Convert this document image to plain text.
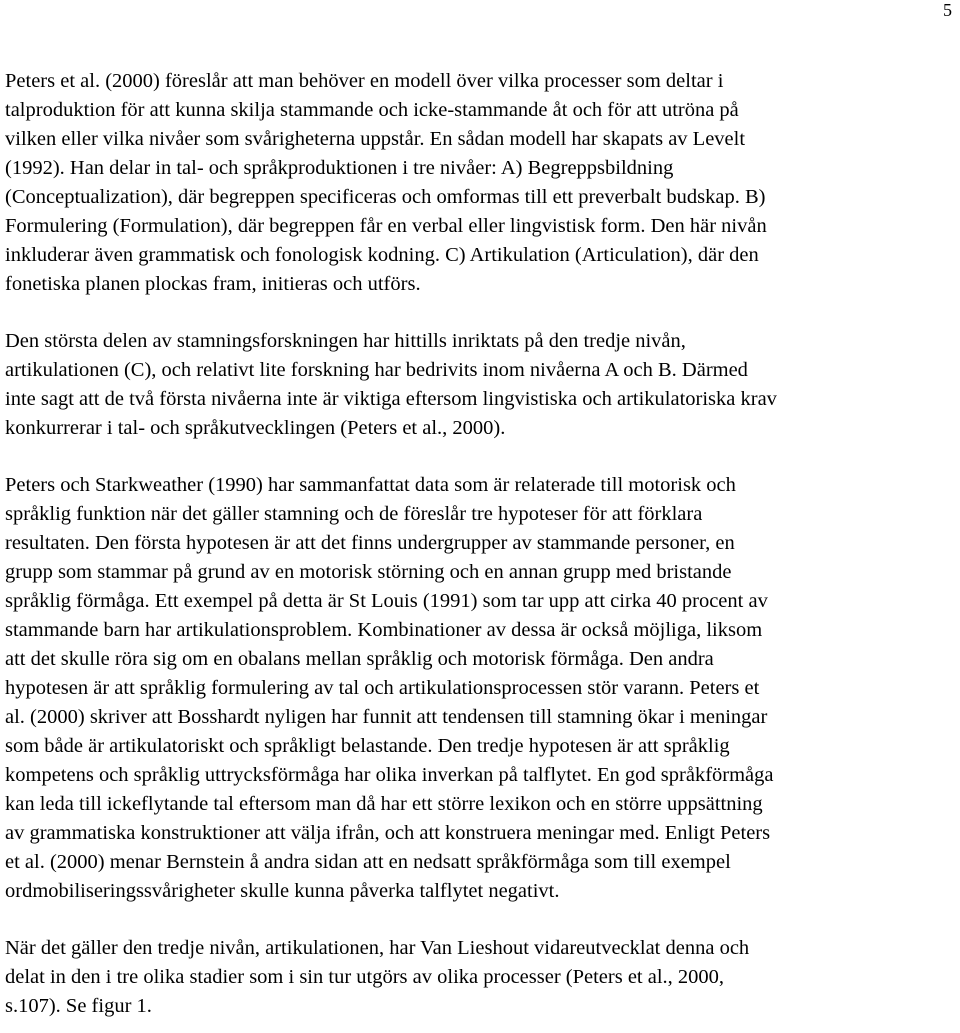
5

Peters et al. (2000) föreslår att man behöver en modell över vilka processer som deltar i
talproduktion för att kunna skilja stammande och icke-stammande åt och för att utröna på
vilken eller vilka nivåer som svårigheterna uppstår. En sådan modell har skapats av Levelt
(1992). Han delar in tal- och språkproduktionen i tre nivåer: A) Begreppsbildning
(Conceptualization), där begreppen specificeras och omformas till ett preverbalt budskap. B)
Formulering (Formulation), där begreppen får en verbal eller lingvistisk form. Den här nivån
inkluderar även grammatisk och fonologisk kodning. C) Artikulation (Articulation), där den
fonetiska planen plockas fram, initieras och utförs.

Den största delen av stamningsforskningen har hittills inriktats på den tredje nivån,
artikulationen (C), och relativt lite forskning har bedrivits inom nivåerna A och B. Därmed
inte sagt att de två första nivåerna inte är viktiga eftersom lingvistiska och artikulatoriska krav
konkurrerar i tal- och språkutvecklingen (Peters et al., 2000).

Peters och Starkweather (1990) har sammanfattat data som är relaterade till motorisk och
språklig funktion när det gäller stamning och de föreslår tre hypoteser för att förklara
resultaten. Den första hypotesen är att det finns undergrupper av stammande personer, en
grupp som stammar på grund av en motorisk störning och en annan grupp med bristande
språklig förmåga. Ett exempel på detta är St Louis (1991) som tar upp att cirka 40 procent av
stammande barn har artikulationsproblem. Kombinationer av dessa är också möjliga, liksom
att det skulle röra sig om en obalans mellan språklig och motorisk förmåga. Den andra
hypotesen är att språklig formulering av tal och artikulationsprocessen stör varann. Peters et
al. (2000) skriver att Bosshardt nyligen har funnit att tendensen till stamning ökar i meningar
som både är artikulatoriskt och språkligt belastande. Den tredje hypotesen är att språklig
kompetens och språklig uttrycksförmåga har olika inverkan på talflytet. En god språkförmåga
kan leda till ickeflytande tal eftersom man då har ett större lexikon och en större uppsättning
av grammatiska konstruktioner att välja ifrån, och att konstruera meningar med. Enligt Peters
et al. (2000) menar Bernstein å andra sidan att en nedsatt språkförmåga som till exempel
ordmobiliseringssvårigheter skulle kunna påverka talflytet negativt.

När det gäller den tredje nivån, artikulationen, har Van Lieshout vidareutvecklat denna och
delat in den i tre olika stadier som i sin tur utgörs av olika processer (Peters et al., 2000,
s.107). Se figur 1.
